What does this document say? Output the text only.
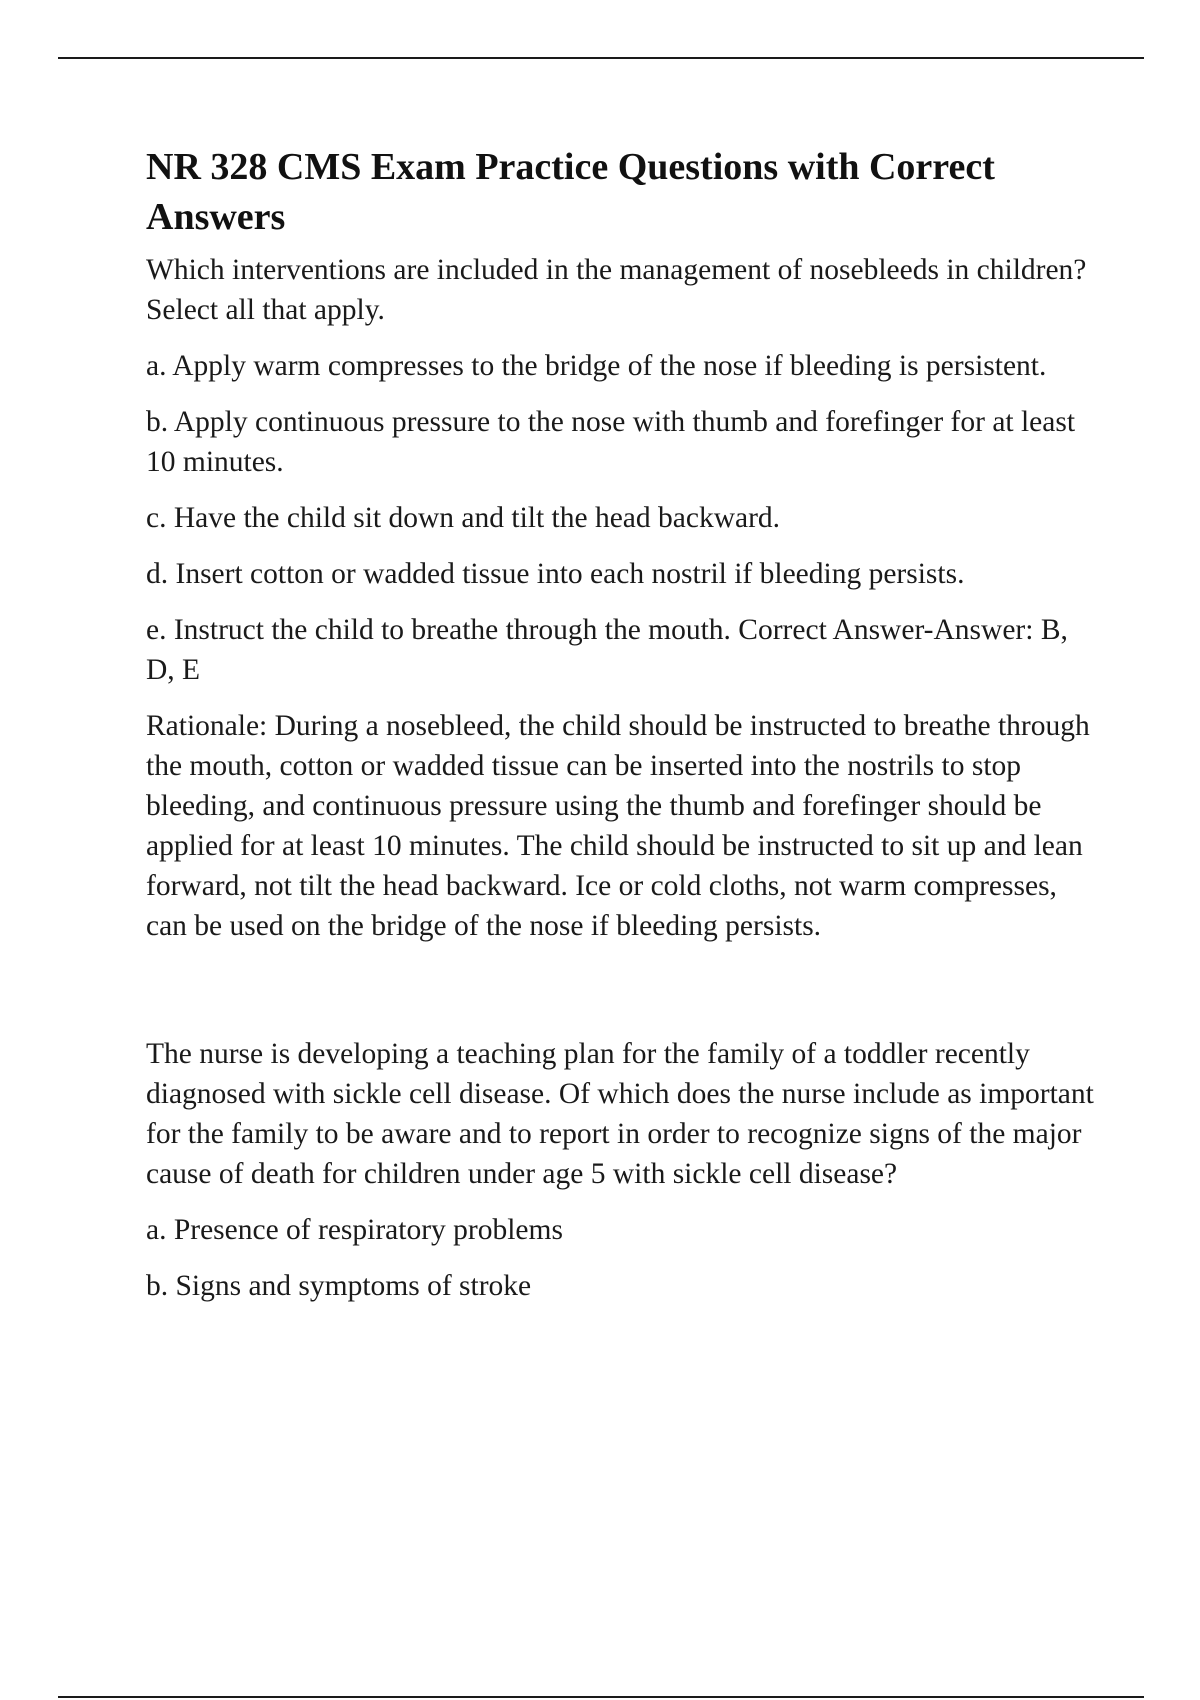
NR 328 CMS Exam Practice Questions with Correct Answers

Which interventions are included in the management of nosebleeds in children? Select all that apply.

a. Apply warm compresses to the bridge of the nose if bleeding is persistent.

b. Apply continuous pressure to the nose with thumb and forefinger for at least 10 minutes.

c. Have the child sit down and tilt the head backward.

d. Insert cotton or wadded tissue into each nostril if bleeding persists.

e. Instruct the child to breathe through the mouth. Correct Answer-Answer: B, D, E

Rationale: During a nosebleed, the child should be instructed to breathe through the mouth, cotton or wadded tissue can be inserted into the nostrils to stop bleeding, and continuous pressure using the thumb and forefinger should be applied for at least 10 minutes. The child should be instructed to sit up and lean forward, not tilt the head backward. Ice or cold cloths, not warm compresses, can be used on the bridge of the nose if bleeding persists.

The nurse is developing a teaching plan for the family of a toddler recently diagnosed with sickle cell disease. Of which does the nurse include as important for the family to be aware and to report in order to recognize signs of the major cause of death for children under age 5 with sickle cell disease?

a. Presence of respiratory problems

b. Signs and symptoms of stroke
